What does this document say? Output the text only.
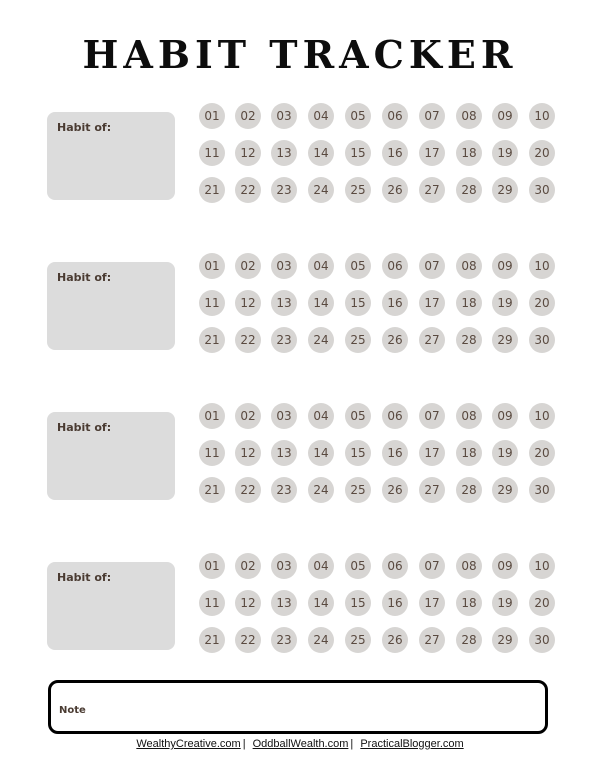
HABIT TRACKER
Habit of:
01	02	03	04	05	06	07	08	09	10
11	12	13	14	15	16	17	18	19	20
21	22	23	24	25	26	27	28	29	30
Habit of:
01	02	03	04	05	06	07	08	09	10
11	12	13	14	15	16	17	18	19	20
21	22	23	24	25	26	27	28	29	30
Habit of:
01	02	03	04	05	06	07	08	09	10
11	12	13	14	15	16	17	18	19	20
21	22	23	24	25	26	27	28	29	30
Habit of:
01	02	03	04	05	06	07	08	09	10
11	12	13	14	15	16	17	18	19	20
21	22	23	24	25	26	27	28	29	30
Note
WealthyCreative.com | OddballWealth.com | PracticalBlogger.com
